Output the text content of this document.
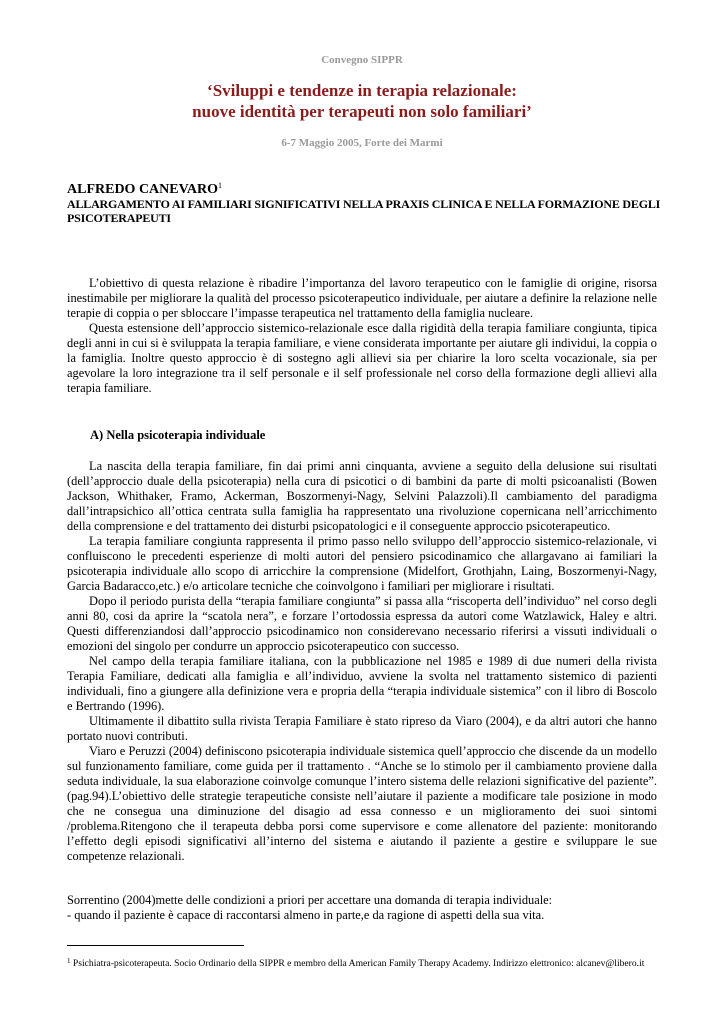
Convegno SIPPR
‘Sviluppi e tendenze in terapia relazionale:
nuove identità per terapeuti non solo familiari’
6-7 Maggio 2005, Forte dei Marmi
ALFREDO CANEVARO$^1$
ALLARGAMENTO AI FAMILIARI SIGNIFICATIVI NELLA PRAXIS CLINICA E NELLA FORMAZIONE DEGLI PSICOTERAPEUTI

L’obiettivo di questa relazione è ribadire l’importanza del lavoro terapeutico con le famiglie di origine, risorsa inestimabile per migliorare la qualità del processo psicoterapeutico individuale, per aiutare a definire la relazione nelle terapie di coppia o per sbloccare l’impasse terapeutica nel trattamento della famiglia nucleare.

Questa estensione dell’approccio sistemico-relazionale esce dalla rigidità della terapia familiare congiunta, tipica degli anni in cui si è sviluppata la terapia familiare, e viene considerata importante per aiutare gli individui, la coppia o la famiglia. Inoltre questo approccio è di sostegno agli allievi sia per chiarire la loro scelta vocazionale, sia per agevolare la loro integrazione tra il self personale e il self professionale nel corso della formazione degli allievi alla terapia familiare.

A) Nella psicoterapia individuale

La nascita della terapia familiare, fin dai primi anni cinquanta, avviene a seguito della delusione sui risultati (dell’approccio duale della psicoterapia) nella cura di psicotici o di bambini da parte di molti psicoanalisti (Bowen Jackson, Whithaker, Framo, Ackerman, Boszormenyi-Nagy, Selvini Palazzoli).Il cambiamento del paradigma dall’intrapsichico all’ottica centrata sulla famiglia ha rappresentato una rivoluzione copernicana nell’arricchimento della comprensione e del trattamento dei disturbi psicopatologici e il conseguente approccio psicoterapeutico.

La terapia familiare congiunta rappresenta il primo passo nello sviluppo dell’approccio sistemico-relazionale, vi confluiscono le precedenti esperienze di molti autori del pensiero psicodinamico che allargavano ai familiari la psicoterapia individuale allo scopo di arricchire la comprensione (Midelfort, Grothjahn, Laing, Boszormenyi-Nagy, Garcia Badaracco,etc.) e/o articolare tecniche che coinvolgono i familiari per migliorare i risultati.

Dopo il periodo purista della “terapia familiare congiunta” si passa alla “riscoperta dell’individuo” nel corso degli anni 80, cosi da aprire la “scatola nera”, e forzare l’ortodossia espressa da autori come Watzlawick, Haley e altri. Questi differenziandosi dall’approccio psicodinamico non considerevano necessario riferirsi a vissuti individuali o emozioni del singolo per condurre un approccio psicoterapeutico con successo.

Nel campo della terapia familiare italiana, con la pubblicazione nel 1985 e 1989 di due numeri della rivista Terapia Familiare, dedicati alla famiglia e all’individuo, avviene la svolta nel trattamento sistemico di pazienti individuali, fino a giungere alla definizione vera e propria della “terapia individuale sistemica” con il libro di Boscolo e Bertrando (1996).

Ultimamente il dibattito sulla rivista Terapia Familiare è stato ripreso da Viaro (2004), e da altri autori che hanno portato nuovi contributi.

Viaro e Peruzzi (2004) definiscono psicoterapia individuale sistemica quell’approccio che discende da un modello sul funzionamento familiare, come guida per il trattamento . “Anche se lo stimolo per il cambiamento proviene dalla seduta individuale, la sua elaborazione coinvolge comunque l’intero sistema delle relazioni significative del paziente”.(pag.94).L’obiettivo delle strategie terapeutiche consiste nell’aiutare il paziente a modificare tale posizione in modo che ne consegua una diminuzione del disagio ad essa connesso e un miglioramento dei suoi sintomi /problema.Ritengono che il terapeuta debba porsi come supervisore e come allenatore del paziente: monitorando l’effetto degli episodi significativi all’interno del sistema e aiutando il paziente a gestire e sviluppare le sue competenze relazionali.

Sorrentino (2004)mette delle condizioni a priori per accettare una domanda di terapia individuale:

- quando il paziente è capace di raccontarsi almeno in parte,e da ragione di aspetti della sua vita.

$^1$ Psichiatra-psicoterapeuta. Socio Ordinario della SIPPR e membro della American Family Therapy Academy. Indirizzo elettronico: alcanev@libero.it
